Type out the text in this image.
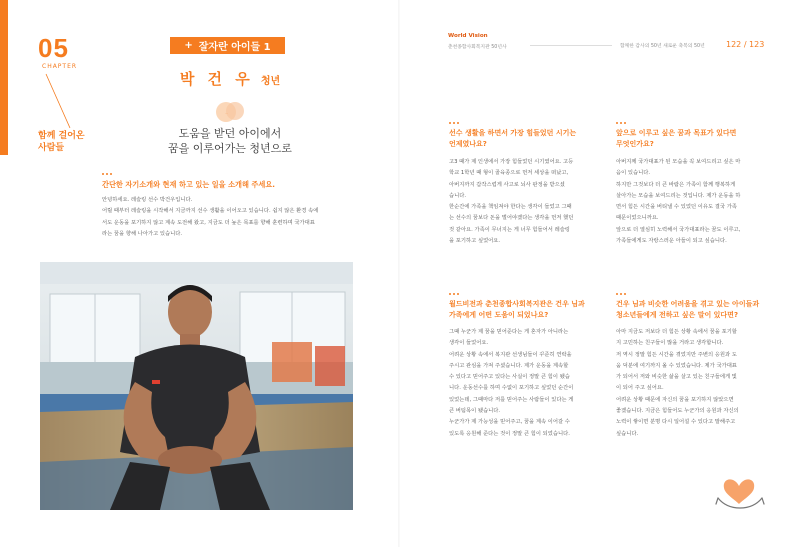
05
CHAPTER
함께 걸어온
사람들
+ 잘자란 아이들 1
박 건 우 청년
···
도움을 받던 아이에서
꿈을 이루어가는 청년으로
간단한 자기소개와 현재 하고 있는 일을 소개해 주세요.
안녕하세요. 레슬링 선수 박건우입니다.
어릴 때부터 레슬링을 시작해서 지금까지 선수 생활을 이어오고 있습니다. 쉽지 않은 환경 속에
서도 운동을 포기하지 않고 계속 도전해 왔고, 지금도 더 높은 목표를 향해 훈련하며 국가대표
라는 꿈을 향해 나아가고 있습니다.
World Vision
춘천종합사회복지관 50년사	함께한 감사의 50년 새로운 축복의 50년	122 / 123
선수 생활을 하면서 가장 힘들었던 시기는
언제였나요?
고3 때가 제 인생에서 가장 힘들었던 시기였어요. 고등
학교 1학년 때 형이 골육종으로 먼저 세상을 떠났고,
아버지까지 갑작스럽게 사고로 뇌사 판정을 받으셨
습니다.
한순간에 가족을 책임져야 한다는 생각이 들었고 그때
는 선수의 꿈보다 돈을 벌어야겠다는 생각을 먼저 했던
것 같아요. 가족이 무너지는 게 너무 힘들어서 레슬링
을 포기하고 싶었어요.
앞으로 이루고 싶은 꿈과 목표가 있다면
무엇인가요?
아버지께 국가대표가 된 모습을 꼭 보여드리고 싶은 마
음이 있습니다.
하지만 그것보다 더 큰 바람은 가족이 함께 행복하게
살아가는 모습을 보여드리는 것입니다. 제가 운동을 하
면서 힘든 시간을 버티낼 수 있었던 이유도 결국 가족
때문이었으니까요.
앞으로 더 열심히 노력해서 국가대표라는 꿈도 이루고,
가족들에게도 자랑스러운 아들이 되고 싶습니다.
월드비전과 춘천종합사회복지관은 건우 님과
가족에게 어떤 도움이 되었나요?
그때 누군가 제 꿈을 믿어준다는 게 혼자가 아니라는
생각이 들었어요.
어려운 상황 속에서 복지관 선생님들이 꾸준히 연락을
주시고 관심을 가져 주셨습니다. 제가 운동을 계속할
수 있다고 믿어주고 있다는 사실이 정말 큰 힘이 됐습
니다. 운동선수를 하며 수없이 포기하고 싶었던 순간이
있었는데, 그때마다 저를 믿어주는 사람들이 있다는 게
큰 버팀목이 됐습니다.
누군가가 제 가능성을 믿어주고, 꿈을 계속 이어갈 수
있도록 응원해 준다는 것이 정말 큰 힘이 되었습니다.
건우 님과 비슷한 어려움을 겪고 있는 아이들과
청소년들에게 전하고 싶은 말이 있다면?
아마 지금도 저보다 더 힘든 상황 속에서 꿈을 포기할
지 고민하는 친구들이 많을 거라고 생각합니다.
저 역시 정말 힘든 시간을 겪었지만 주변의 응원과 도
움 덕분에 여기까지 올 수 있었습니다. 제가 국가대표
가 되어서 저와 비슷한 삶을 살고 있는 친구들에게 빛
이 되어 주고 싶어요.
어려운 상황 때문에 자신의 꿈을 포기하지 않았으면
좋겠습니다. 지금은 힘들어도 누군가의 응원과 자신의
노력이 쌓이면 분명 다시 일어설 수 있다고 말해주고
싶습니다.
